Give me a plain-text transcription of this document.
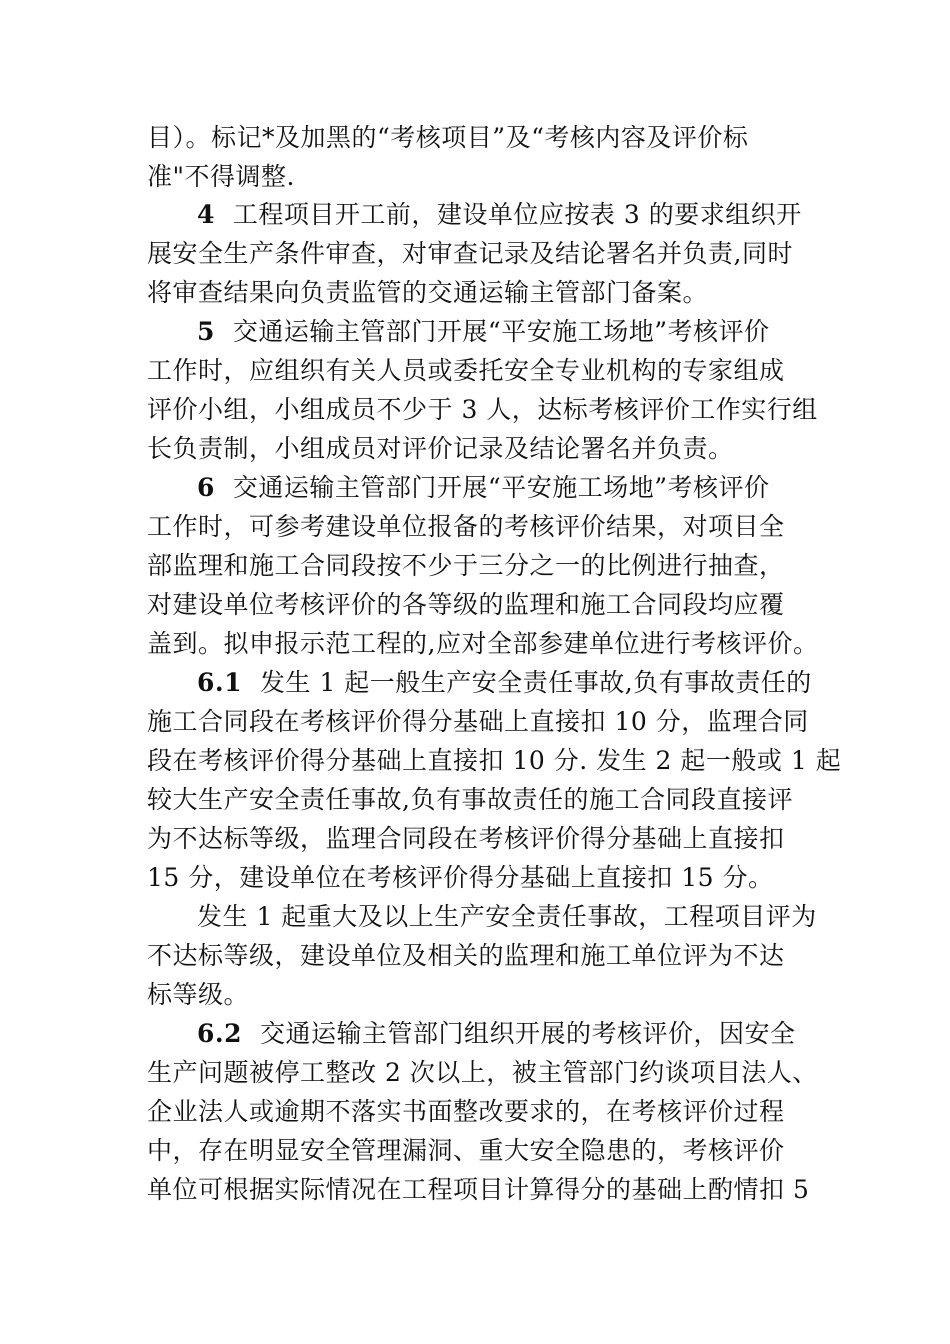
目）。标记*及加黑的“考核项目”及“考核内容及评价标

准"不得调整.

4 工程项目开工前，建设单位应按表 3 的要求组织开

展安全生产条件审查，对审查记录及结论署名并负责,同时

将审查结果向负责监管的交通运输主管部门备案。

5 交通运输主管部门开展“平安施工场地”考核评价

工作时，应组织有关人员或委托安全专业机构的专家组成

评价小组，小组成员不少于 3 人，达标考核评价工作实行组

长负责制，小组成员对评价记录及结论署名并负责。

6 交通运输主管部门开展“平安施工场地”考核评价

工作时，可参考建设单位报备的考核评价结果，对项目全

部监理和施工合同段按不少于三分之一的比例进行抽查，

对建设单位考核评价的各等级的监理和施工合同段均应覆

盖到。拟申报示范工程的,应对全部参建单位进行考核评价。

6.1 发生 1 起一般生产安全责任事故,负有事故责任的

施工合同段在考核评价得分基础上直接扣 10 分，监理合同

段在考核评价得分基础上直接扣 10 分. 发生 2 起一般或 1 起

较大生产安全责任事故,负有事故责任的施工合同段直接评

为不达标等级，监理合同段在考核评价得分基础上直接扣

15 分，建设单位在考核评价得分基础上直接扣 15 分。

发生 1 起重大及以上生产安全责任事故，工程项目评为

不达标等级，建设单位及相关的监理和施工单位评为不达

标等级。

6.2 交通运输主管部门组织开展的考核评价，因安全

生产问题被停工整改 2 次以上，被主管部门约谈项目法人、

企业法人或逾期不落实书面整改要求的，在考核评价过程

中，存在明显安全管理漏洞、重大安全隐患的，考核评价

单位可根据实际情况在工程项目计算得分的基础上酌情扣 5
